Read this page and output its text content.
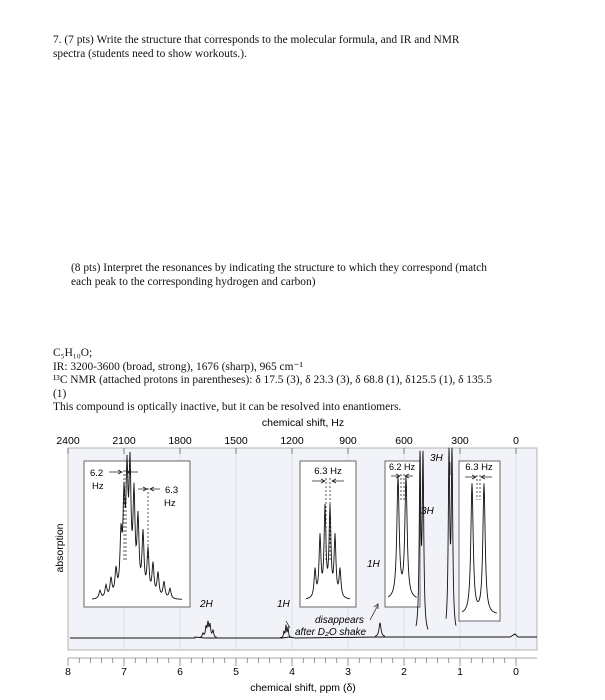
7. (7 pts) Write the structure that corresponds to the molecular formula, and IR and NMR
spectra (students need to show workouts.).
(8 pts) Interpret the resonances by indicating the structure to which they correspond (match
each peak to the corresponding hydrogen and carbon)
C₅H₁₀O;
IR: 3200-3600 (broad, strong), 1676 (sharp), 965 cm⁻¹
¹³C NMR (attached protons in parentheses): δ 17.5 (3), δ 23.3 (3), δ 68.8 (1), δ125.5 (1), δ 135.5
(1)
This compound is optically inactive, but it can be resolved into enantiomers.
chemical shift, Hz
2400	2100	1800	1500	1200	900	600	300	0
8	7	6	5	4	3	2	1	0
chemical shift, ppm (δ)
absorption
6.2
Hz	6.3
Hz
6.3 Hz	6.2 Hz	6.3 Hz
2H	1H
1H
3H
3H
disappears
after D₂O shake
